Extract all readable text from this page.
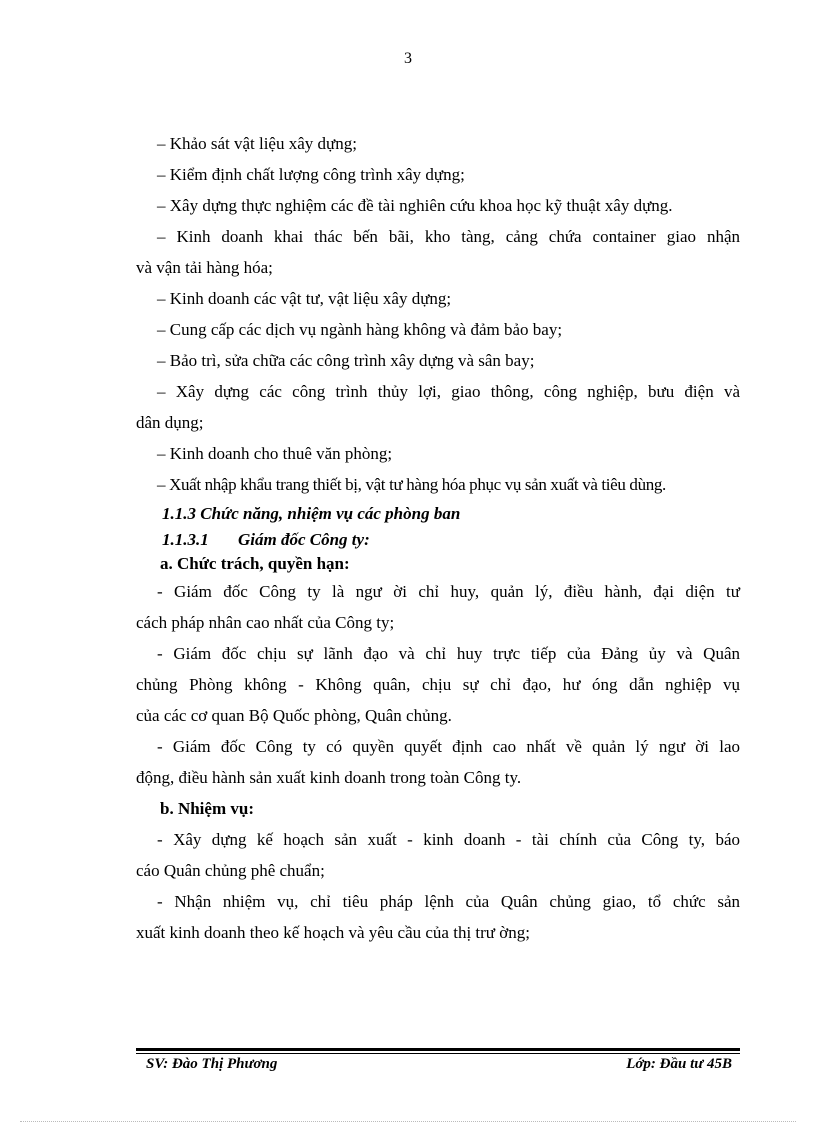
3

– Khảo sát vật liệu xây dựng;

– Kiểm định chất lượng công trình xây dựng;

– Xây dựng thực nghiệm các đề tài nghiên cứu khoa học kỹ thuật xây dựng.

– Kinh doanh khai thác bến bãi, kho tàng, cảng chứa container giao nhận

và vận tải hàng hóa;

– Kinh doanh các vật tư, vật liệu xây dựng;

– Cung cấp các dịch vụ ngành hàng không và đảm bảo bay;

– Bảo trì, sửa chữa các công trình xây dựng và sân bay;

– Xây dựng các công trình thủy lợi, giao thông, công nghiệp, bưu điện và

dân dụng;

– Kinh doanh cho thuê văn phòng;

– Xuất nhập khẩu trang thiết bị, vật tư hàng hóa phục vụ sản xuất và tiêu dùng.

1.1.3 Chức năng, nhiệm vụ các phòng ban

1.1.3.1 Giám đốc Công ty:

a. Chức trách, quyền hạn:

- Giám đốc Công ty là ngư ời chỉ huy, quản lý, điều hành, đại diện tư

cách pháp nhân cao nhất của Công ty;

- Giám đốc chịu sự lãnh đạo và chỉ huy trực tiếp của Đảng ủy và Quân

chủng Phòng không - Không quân, chịu sự chỉ đạo, hư óng dẫn nghiệp vụ

của các cơ quan Bộ Quốc phòng, Quân chủng.

- Giám đốc Công ty có quyền quyết định cao nhất về quản lý ngư ời lao

động, điều hành sản xuất kinh doanh trong toàn Công ty.

b. Nhiệm vụ:

- Xây dựng kế hoạch sản xuất - kinh doanh - tài chính của Công ty, báo

cáo Quân chủng phê chuẩn;

- Nhận nhiệm vụ, chỉ tiêu pháp lệnh của Quân chủng giao, tổ chức sản

xuất kinh doanh theo kế hoạch và yêu cầu của thị trư ờng;

SV: Đào Thị Phương	Lớp: Đầu tư 45B
